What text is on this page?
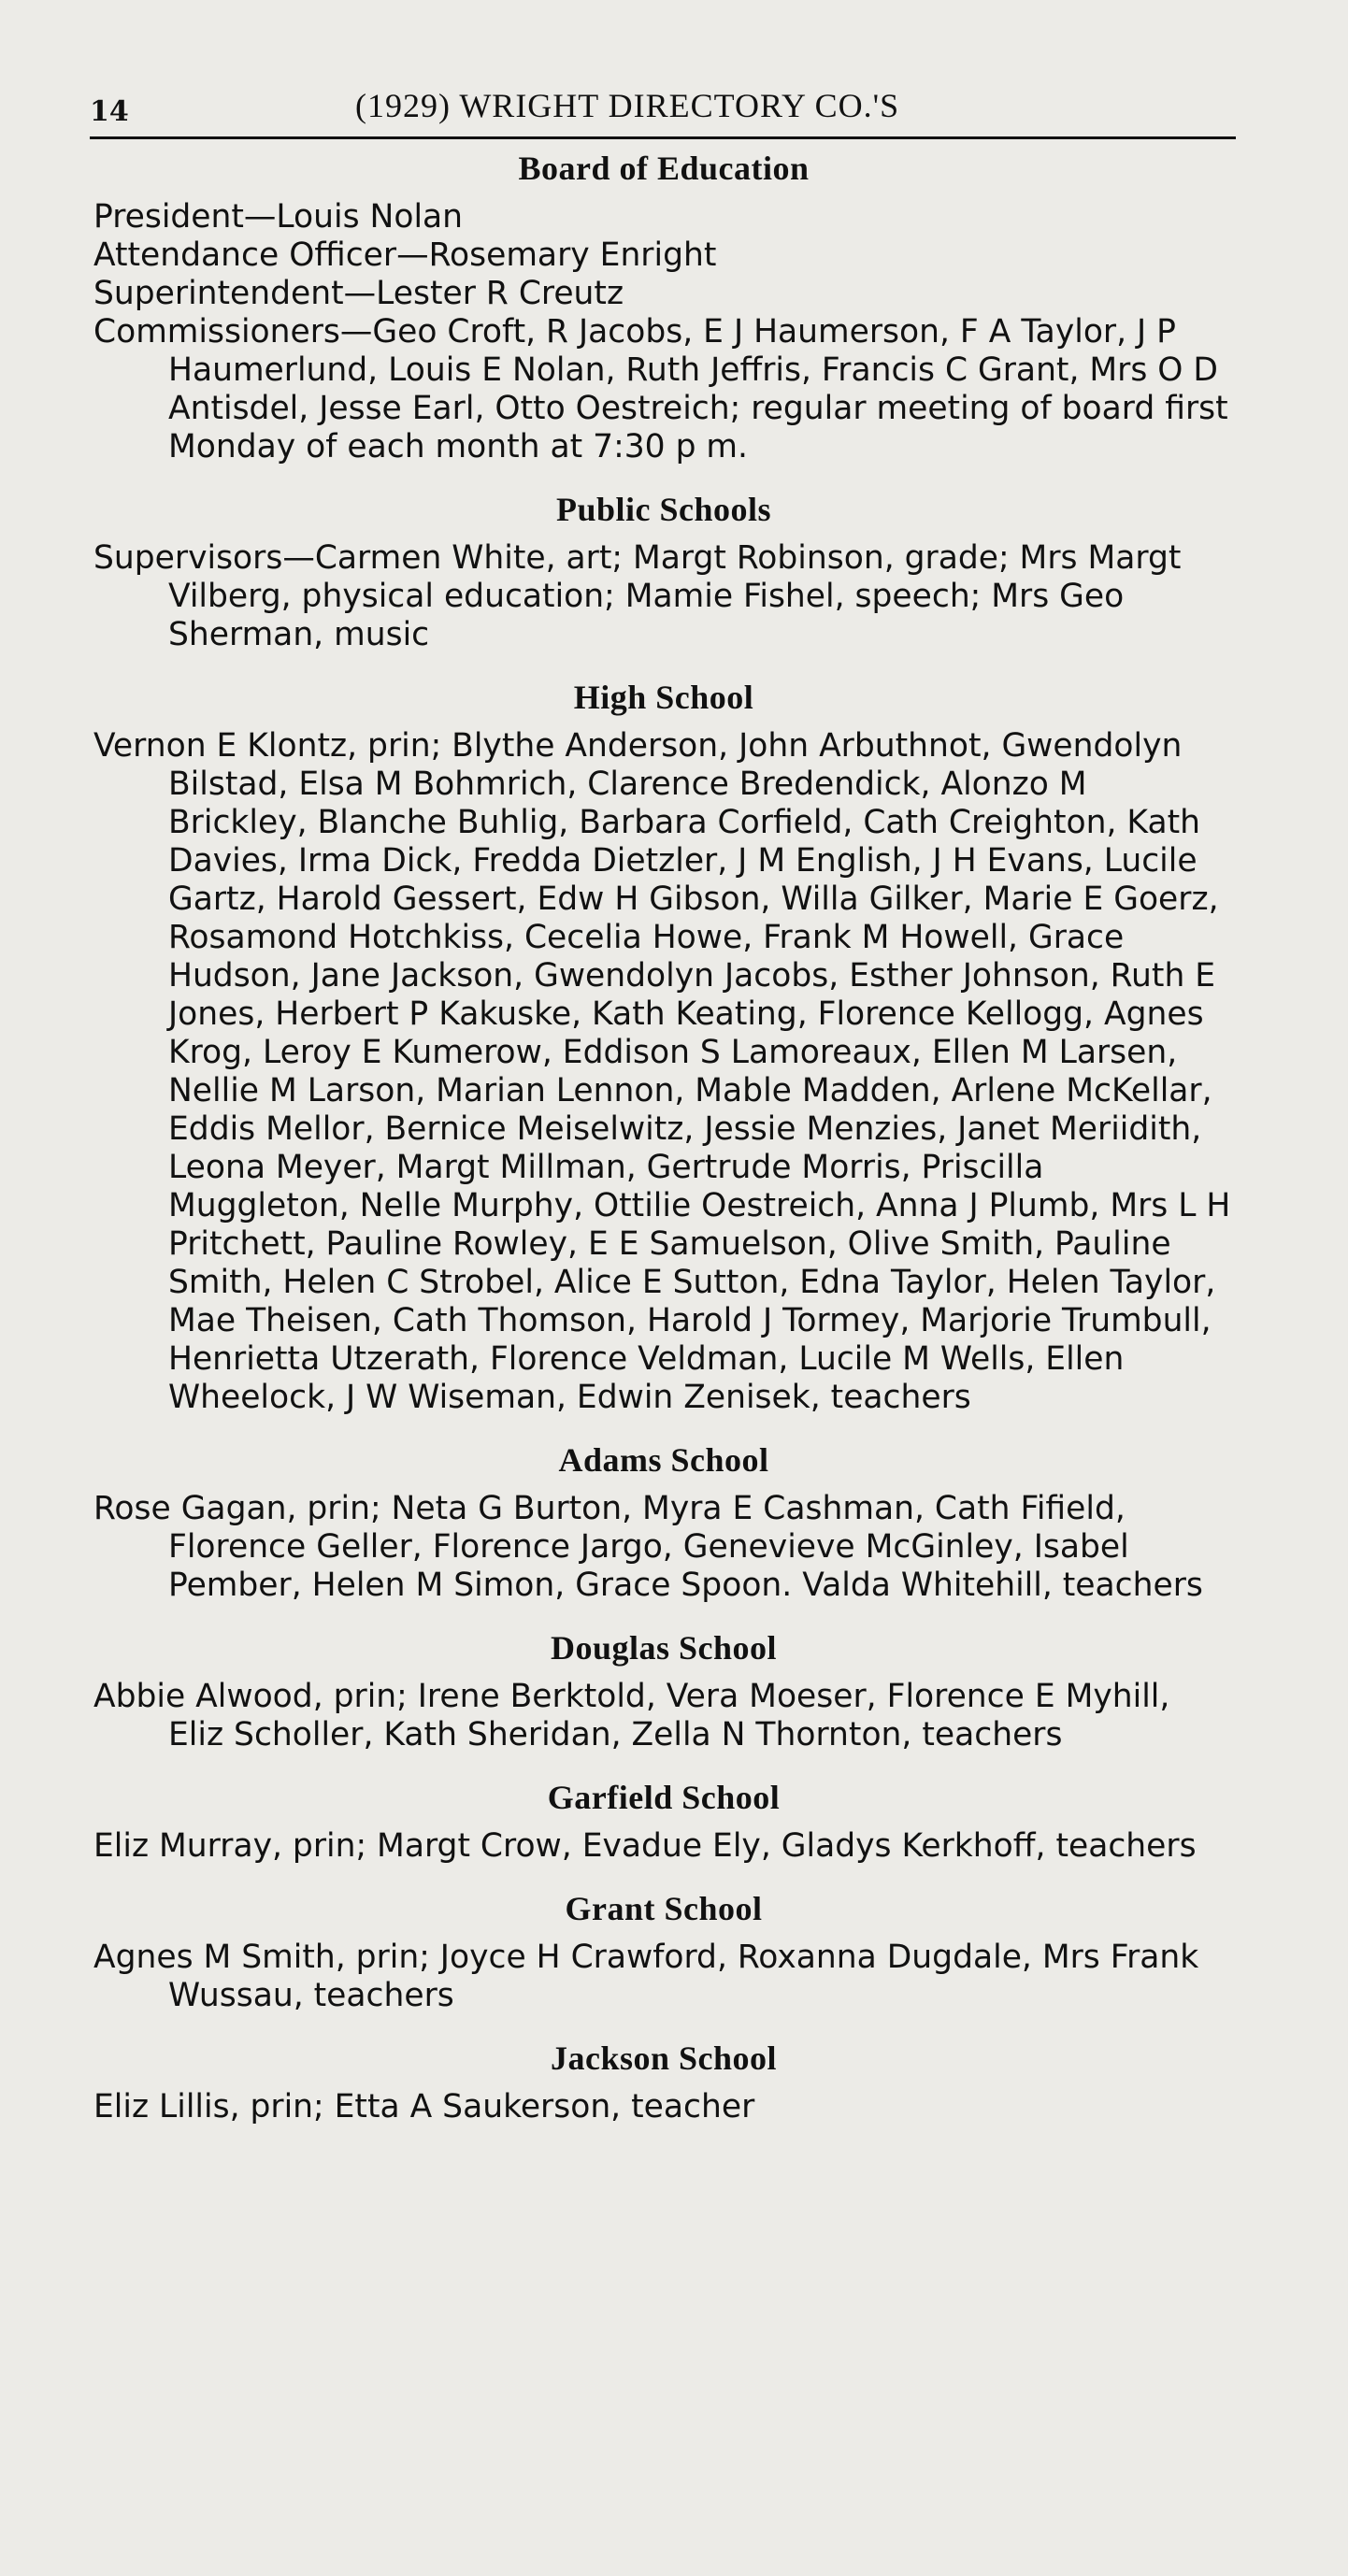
14	(1929) WRIGHT DIRECTORY CO.'S
Board of Education
President—Louis Nolan
Attendance Officer—Rosemary Enright
Superintendent—Lester R Creutz
Commissioners—Geo Croft, R Jacobs, E J Haumerson, F A Taylor, J P Haumerlund, Louis E Nolan, Ruth Jeffris, Francis C Grant, Mrs O D Antisdel, Jesse Earl, Otto Oestreich; regular meeting of board first Monday of each month at 7:30 p m.
Public Schools
Supervisors—Carmen White, art; Margt Robinson, grade; Mrs Margt Vilberg, physical education; Mamie Fishel, speech; Mrs Geo Sherman, music
High School
Vernon E Klontz, prin; Blythe Anderson, John Arbuthnot, Gwendolyn Bilstad, Elsa M Bohmrich, Clarence Bredendick, Alonzo M Brickley, Blanche Buhlig, Barbara Corfield, Cath Creighton, Kath Davies, Irma Dick, Fredda Dietzler, J M English, J H Evans, Lucile Gartz, Harold Gessert, Edw H Gibson, Willa Gilker, Marie E Goerz, Rosamond Hotchkiss, Cecelia Howe, Frank M Howell, Grace Hudson, Jane Jackson, Gwendolyn Jacobs, Esther Johnson, Ruth E Jones, Herbert P Kakuske, Kath Keating, Florence Kellogg, Agnes Krog, Leroy E Kumerow, Eddison S Lamoreaux, Ellen M Larsen, Nellie M Larson, Marian Lennon, Mable Madden, Arlene McKellar, Eddis Mellor, Bernice Meiselwitz, Jessie Menzies, Janet Meriidith, Leona Meyer, Margt Millman, Gertrude Morris, Priscilla Muggleton, Nelle Murphy, Ottilie Oestreich, Anna J Plumb, Mrs L H Pritchett, Pauline Rowley, E E Samuelson, Olive Smith, Pauline Smith, Helen C Strobel, Alice E Sutton, Edna Taylor, Helen Taylor, Mae Theisen, Cath Thomson, Harold J Tormey, Marjorie Trumbull, Henrietta Utzerath, Florence Veldman, Lucile M Wells, Ellen Wheelock, J W Wiseman, Edwin Zenisek, teachers
Adams School
Rose Gagan, prin; Neta G Burton, Myra E Cashman, Cath Fifield, Florence Geller, Florence Jargo, Genevieve McGinley, Isabel Pember, Helen M Simon, Grace Spoon. Valda Whitehill, teachers
Douglas School
Abbie Alwood, prin; Irene Berktold, Vera Moeser, Florence E Myhill, Eliz Scholler, Kath Sheridan, Zella N Thornton, teachers
Garfield School
Eliz Murray, prin; Margt Crow, Evadue Ely, Gladys Kerkhoff, teachers
Grant School
Agnes M Smith, prin; Joyce H Crawford, Roxanna Dugdale, Mrs Frank Wussau, teachers
Jackson School
Eliz Lillis, prin; Etta A Saukerson, teacher
